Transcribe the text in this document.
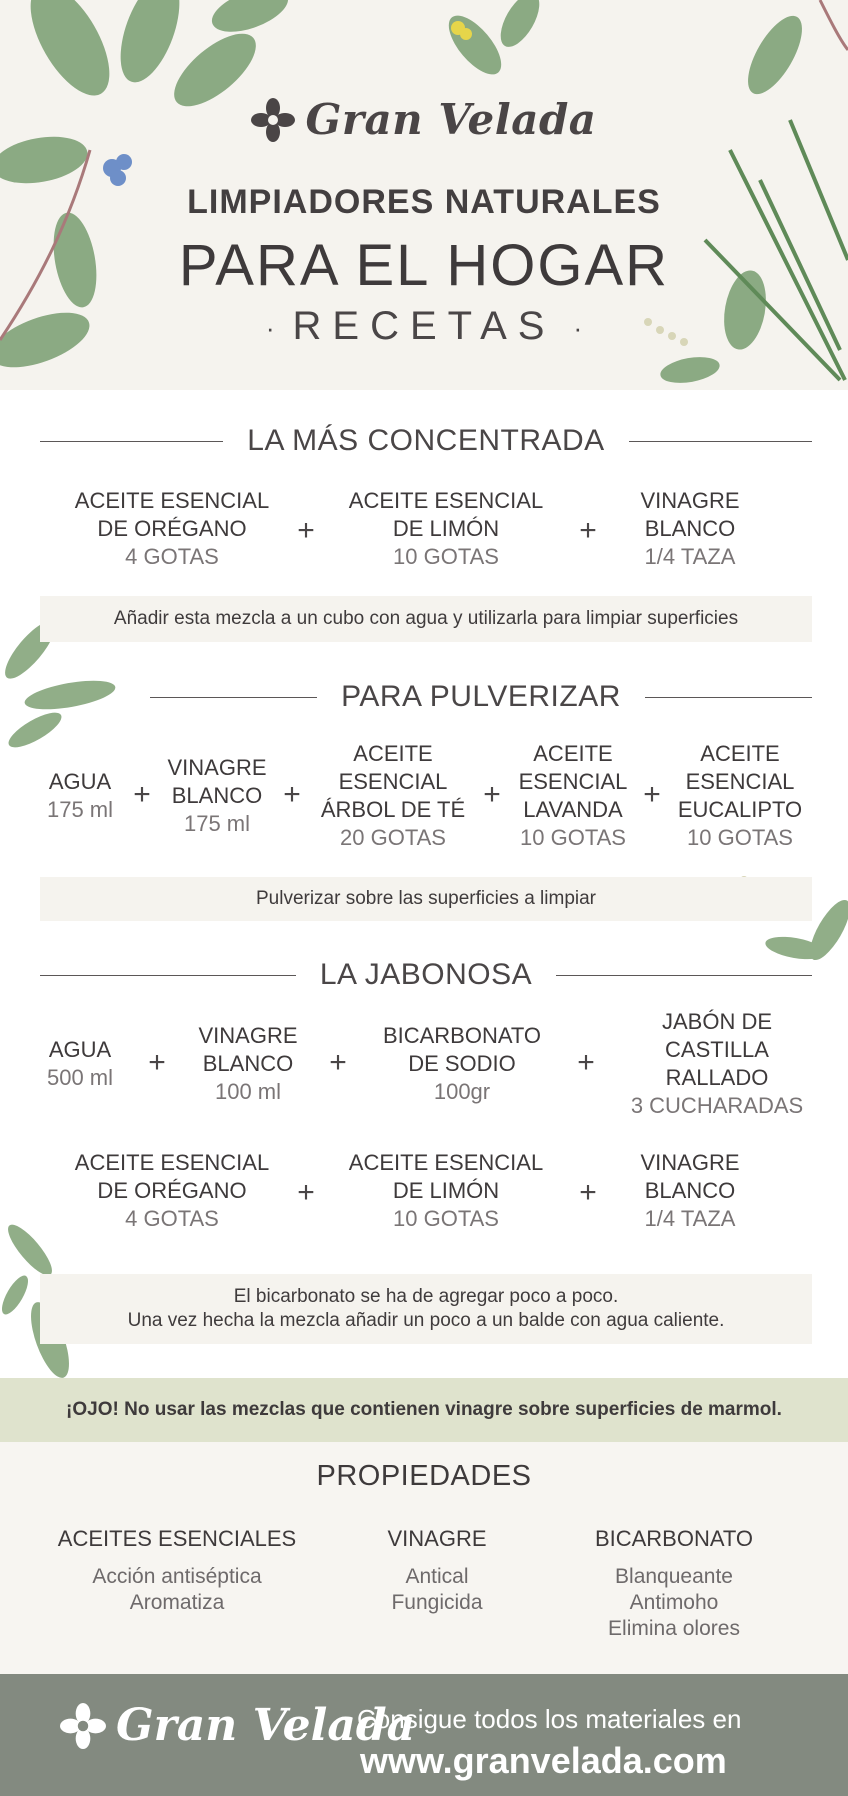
Gran Velada
LIMPIADORES NATURALES
PARA EL HOGAR
· RECETAS ·
LA MÁS CONCENTRADA
ACEITE ESENCIAL
DE ORÉGANO
4 GOTAS
+
ACEITE ESENCIAL
DE LIMÓN
10 GOTAS
+
VINAGRE
BLANCO
1/4 TAZA
Añadir esta mezcla a un cubo con agua y utilizarla para limpiar superficies
PARA PULVERIZAR
AGUA
175 ml +
VINAGRE
BLANCO
175 ml
+
ACEITE
ESENCIAL
ÁRBOL DE TÉ
20 GOTAS
+
ACEITE
ESENCIAL
LAVANDA
10 GOTAS
+
ACEITE
ESENCIAL
EUCALIPTO
10 GOTAS
Pulverizar sobre las superficies a limpiar
LA JABONOSA
AGUA
500 ml +
VINAGRE
BLANCO
100 ml
+
BICARBONATO
DE SODIO
100gr
+
JABÓN DE
CASTILLA
RALLADO
3 CUCHARADAS
ACEITE ESENCIAL
DE ORÉGANO
4 GOTAS
+
ACEITE ESENCIAL
DE LIMÓN
10 GOTAS
+
VINAGRE
BLANCO
1/4 TAZA
El bicarbonato se ha de agregar poco a poco.
Una vez hecha la mezcla añadir un poco a un balde con agua caliente.
¡OJO! No usar las mezclas que contienen vinagre sobre superficies de marmol.
PROPIEDADES
ACEITES ESENCIALES
Acción antiséptica
Aromatiza
VINAGRE
Antical
Fungicida
BICARBONATO
Blanqueante
Antimoho
Elimina olores
Gran Velada
Consigue todos los materiales en
www.granvelada.com
